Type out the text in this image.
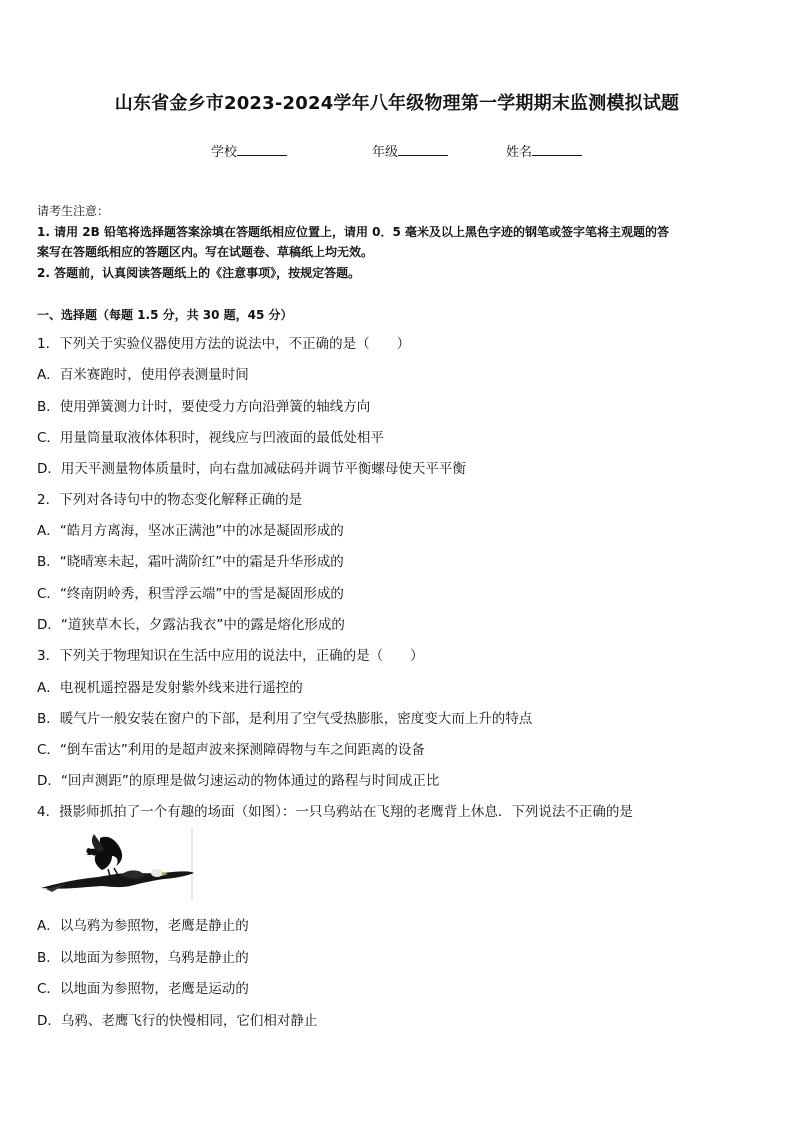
山东省金乡市2023-2024学年八年级物理第一学期期末监测模拟试题
学校	年级	姓名
请考生注意：
1. 请用 2B 铅笔将选择题答案涂填在答题纸相应位置上，请用 0．5 毫米及以上黑色字迹的钢笔或签字笔将主观题的答
案写在答题纸相应的答题区内。写在试题卷、草稿纸上均无效。
2. 答题前，认真阅读答题纸上的《注意事项》，按规定答题。
一、选择题（每题 1.5 分，共 30 题，45 分）
1．下列关于实验仪器使用方法的说法中，不正确的是（　　）
A．百米赛跑时，使用停表测量时间
B．使用弹簧测力计时，要使受力方向沿弹簧的轴线方向
C．用量筒量取液体体积时，视线应与凹液面的最低处相平
D．用天平测量物体质量时，向右盘加减砝码并调节平衡螺母使天平平衡
2．下列对各诗句中的物态变化解释正确的是
A．“皓月方离海，坚冰正满池”中的冰是凝固形成的
B．“晓晴寒未起，霜叶满阶红”中的霜是升华形成的
C．“终南阴岭秀，积雪浮云端”中的雪是凝固形成的
D．“道狭草木长，夕露沾我衣”中的露是熔化形成的
3．下列关于物理知识在生活中应用的说法中，正确的是（　　）
A．电视机遥控器是发射紫外线来进行遥控的
B．暖气片一般安装在窗户的下部，是利用了空气受热膨胀，密度变大而上升的特点
C．“倒车雷达”利用的是超声波来探测障碍物与车之间距离的设备
D．“回声测距”的原理是做匀速运动的物体通过的路程与时间成正比
4．摄影师抓拍了一个有趣的场面（如图）：一只乌鸦站在飞翔的老鹰背上休息．下列说法不正确的是
A．以乌鸦为参照物，老鹰是静止的
B．以地面为参照物，乌鸦是静止的
C．以地面为参照物，老鹰是运动的
D．乌鸦、老鹰飞行的快慢相同，它们相对静止
